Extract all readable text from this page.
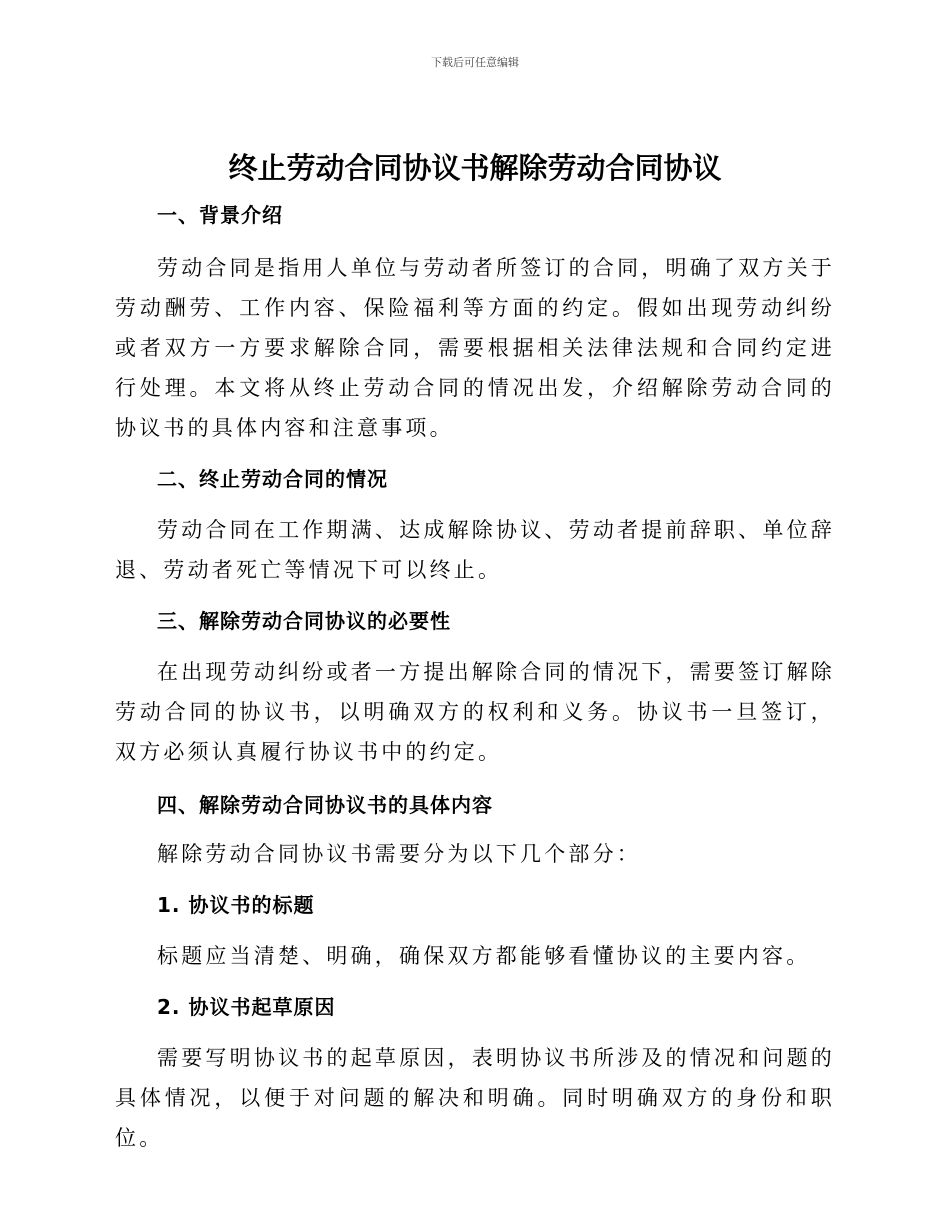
下载后可任意编辑
终止劳动合同协议书解除劳动合同协议
一、背景介绍

劳动合同是指用人单位与劳动者所签订的合同，明确了双方关于劳动酬劳、工作内容、保险福利等方面的约定。假如出现劳动纠纷或者双方一方要求解除合同，需要根据相关法律法规和合同约定进行处理。本文将从终止劳动合同的情况出发，介绍解除劳动合同的协议书的具体内容和注意事项。

二、终止劳动合同的情况

劳动合同在工作期满、达成解除协议、劳动者提前辞职、单位辞退、劳动者死亡等情况下可以终止。

三、解除劳动合同协议的必要性

在出现劳动纠纷或者一方提出解除合同的情况下，需要签订解除劳动合同的协议书，以明确双方的权利和义务。协议书一旦签订，双方必须认真履行协议书中的约定。

四、解除劳动合同协议书的具体内容

解除劳动合同协议书需要分为以下几个部分：

1. 协议书的标题

标题应当清楚、明确，确保双方都能够看懂协议的主要内容。

2. 协议书起草原因

需要写明协议书的起草原因，表明协议书所涉及的情况和问题的具体情况，以便于对问题的解决和明确。同时明确双方的身份和职位。
